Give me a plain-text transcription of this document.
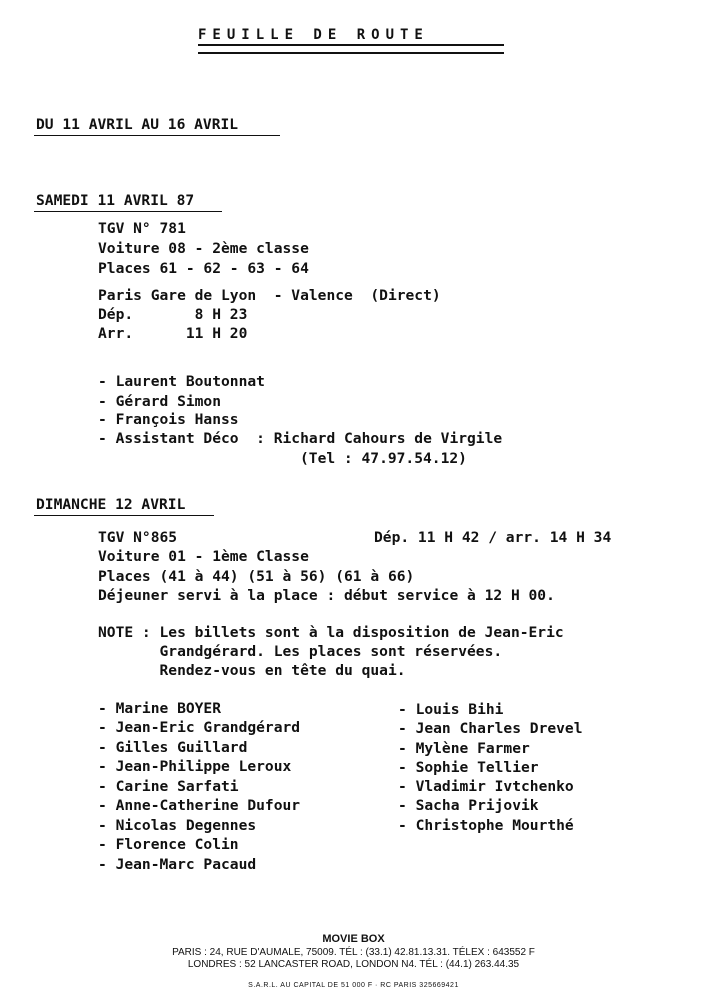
FEUILLE DE ROUTE
DU 11 AVRIL AU 16 AVRIL
SAMEDI 11 AVRIL 87
TGV N° 781
Voiture 08 - 2ème classe
Places 61 - 62 - 63 - 64
Paris Gare de Lyon  - Valence  (Direct)
Dép.       8 H 23
Arr.      11 H 20
- Laurent Boutonnat
- Gérard Simon
- François Hanss
- Assistant Déco  : Richard Cahours de Virgile
(Tel : 47.97.54.12)
DIMANCHE 12 AVRIL
TGV N°865	Dép. 11 H 42 / arr. 14 H 34
Voiture 01 - 1ème Classe
Places (41 à 44) (51 à 56) (61 à 66)
Déjeuner servi à la place : début service à 12 H 00.
NOTE : Les billets sont à la disposition de Jean-Eric
Grandgérard. Les places sont réservées.
Rendez-vous en tête du quai.
- Marine BOYER
- Jean-Eric Grandgérard
- Gilles Guillard
- Jean-Philippe Leroux
- Carine Sarfati
- Anne-Catherine Dufour
- Nicolas Degennes
- Florence Colin
- Jean-Marc Pacaud
- Louis Bihi
- Jean Charles Drevel
- Mylène Farmer
- Sophie Tellier
- Vladimir Ivtchenko
- Sacha Prijovik
- Christophe Mourthé
MOVIE BOX
PARIS : 24, RUE D'AUMALE, 75009. TÉL : (33.1) 42.81.13.31. TÉLEX : 643552 F
LONDRES : 52 LANCASTER ROAD, LONDON N4. TÉL : (44.1) 263.44.35
S.A.R.L. AU CAPITAL DE 51 000 F · RC PARIS 325669421
